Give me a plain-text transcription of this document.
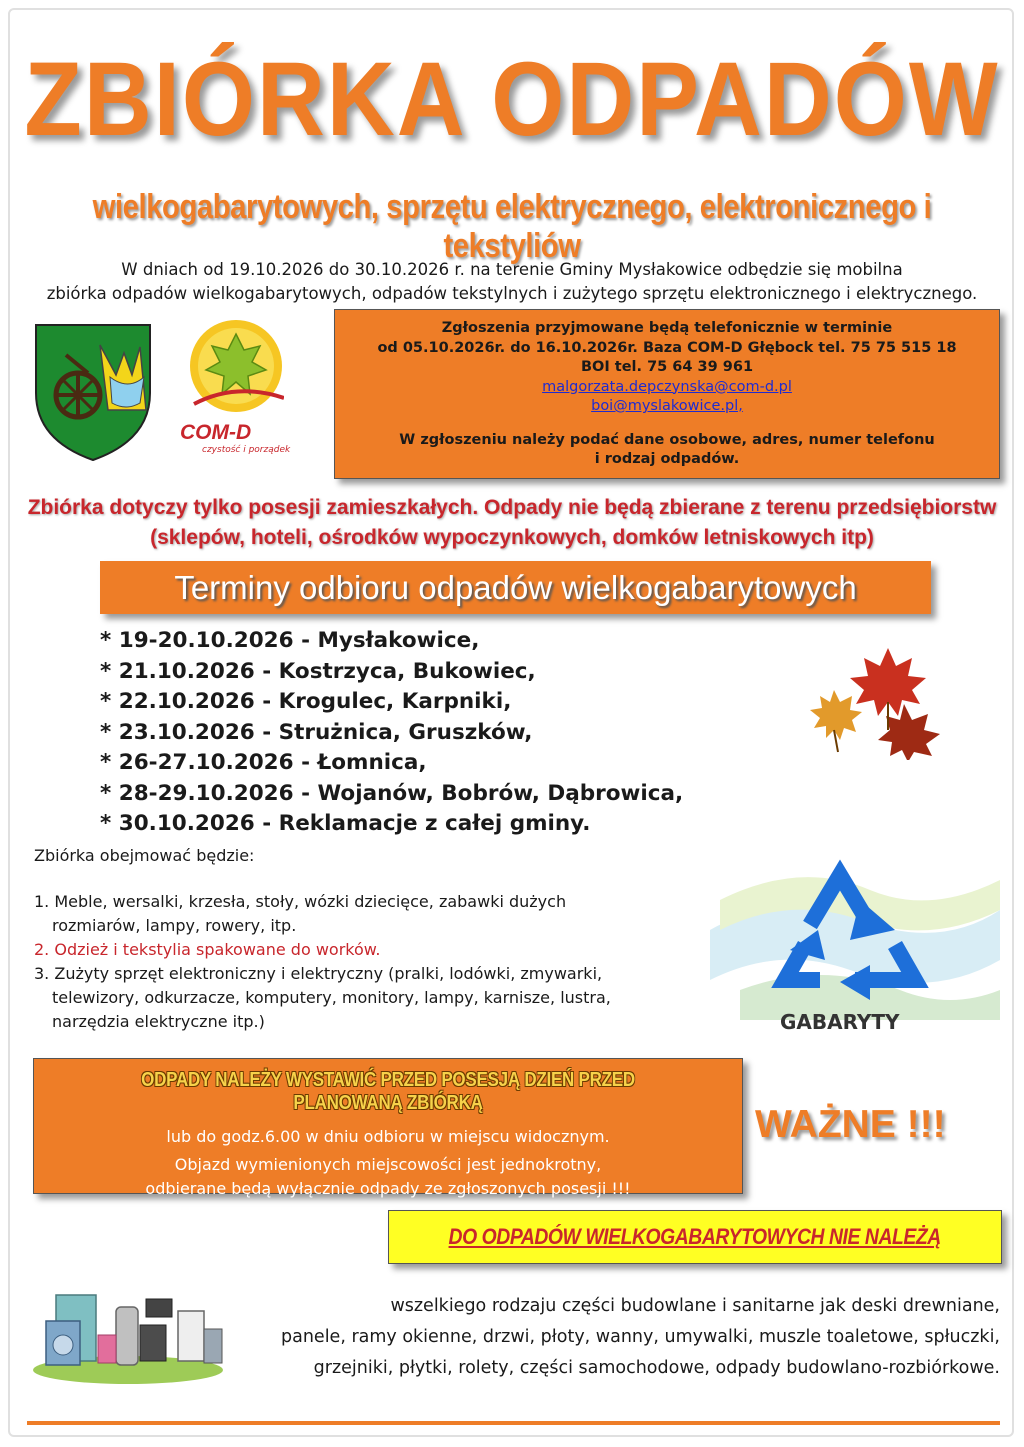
ZBIÓRKA ODPADÓW
wielkogabarytowych, sprzętu elektrycznego, elektronicznego i tekstyliów
W dniach od 19.10.2026 do 30.10.2026 r. na terenie Gminy Mysłakowice odbędzie się mobilna
zbiórka odpadów wielkogabarytowych, odpadów tekstylnych i zużytego sprzętu elektronicznego i elektrycznego.
COM-D
czystość i porządek
Zgłoszenia przyjmowane będą telefonicznie w terminie
od 05.10.2026r. do 16.10.2026r. Baza COM-D Głębock tel. 75 75 515 18
BOI tel. 75 64 39 961
malgorzata.depczynska@com-d.pl
boi@myslakowice.pl,
W zgłoszeniu należy podać dane osobowe, adres, numer telefonu
i rodzaj odpadów.
Zbiórka dotyczy tylko posesji zamieszkałych. Odpady nie będą zbierane z terenu przedsiębiorstw
(sklepów, hoteli, ośrodków wypoczynkowych, domków letniskowych itp)
Terminy odbioru odpadów wielkogabarytowych
* 19-20.10.2026 - Mysłakowice,
* 21.10.2026 - Kostrzyca, Bukowiec,
* 22.10.2026 - Krogulec, Karpniki,
* 23.10.2026 - Strużnica, Gruszków,
* 26-27.10.2026 - Łomnica,
* 28-29.10.2026 - Wojanów, Bobrów, Dąbrowica,
* 30.10.2026 - Reklamacje z całej gminy.
Zbiórka obejmować będzie:
1. Meble, wersalki, krzesła, stoły, wózki dziecięce, zabawki dużych
rozmiarów, lampy, rowery, itp.
2. Odzież i tekstylia spakowane do worków.
3. Zużyty sprzęt elektroniczny i elektryczny (pralki, lodówki, zmywarki,
telewizory, odkurzacze, komputery, monitory, lampy, karnisze, lustra,
narzędzia elektryczne itp.)	GABARYTY
ODPADY NALEŻY WYSTAWIĆ PRZED POSESJĄ DZIEŃ PRZED PLANOWANĄ ZBIÓRKĄ
lub do godz.6.00 w dniu odbioru w miejscu widocznym.
Objazd wymienionych miejscowości jest jednokrotny,
odbierane będą wyłącznie odpady ze zgłoszonych posesji !!!
WAŻNE !!!
DO ODPADÓW WIELKOGABARYTOWYCH NIE NALEŻĄ
wszelkiego rodzaju części budowlane i sanitarne jak deski drewniane,
panele, ramy okienne, drzwi, płoty, wanny, umywalki, muszle toaletowe, spłuczki,
grzejniki, płytki, rolety, części samochodowe, odpady budowlano-rozbiórkowe.
